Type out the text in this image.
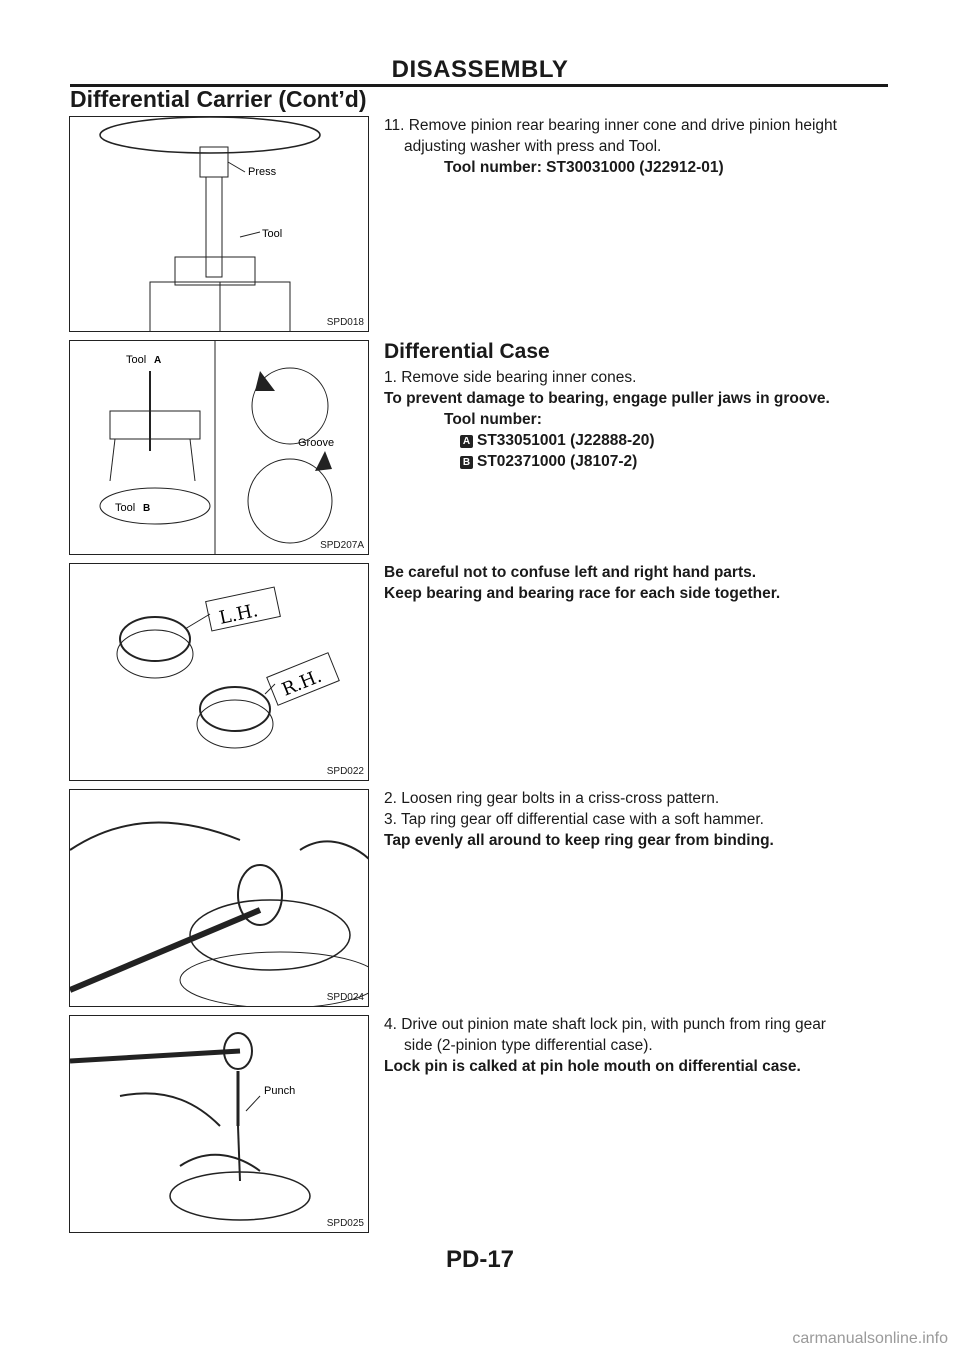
DISASSEMBLY
Differential Carrier (Cont’d)
Press
Tool
SPD018

11. Remove pinion rear bearing inner cone and drive pinion height

adjusting washer with press and Tool.

Tool number: ST30031000 (J22912-01)

Tool A
Tool B
Groove
SPD207A
Differential Case

1. Remove side bearing inner cones.

To prevent damage to bearing, engage puller jaws in groove.

Tool number:

A ST33051001 (J22888-20)

B ST02371000 (J8107-2)

L.H.
R.H.
SPD022

Be careful not to confuse left and right hand parts.

Keep bearing and bearing race for each side together.

SPD024

2. Loosen ring gear bolts in a criss-cross pattern.

3. Tap ring gear off differential case with a soft hammer.

Tap evenly all around to keep ring gear from binding.

Punch
SPD025

4. Drive out pinion mate shaft lock pin, with punch from ring gear

side (2-pinion type differential case).

Lock pin is calked at pin hole mouth on differential case.

PD-17
carmanualsonline.info
